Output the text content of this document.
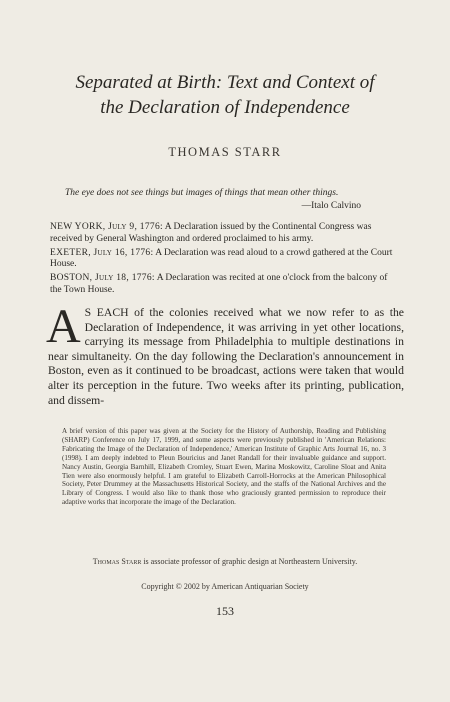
Separated at Birth: Text and Context of
the Declaration of Independence
THOMAS STARR
The eye does not see things but images of things that mean other things.
—Italo Calvino

NEW YORK, July 9, 1776: A Declaration issued by the Continental Congress was received by General Washington and ordered proclaimed to his army.

EXETER, July 16, 1776: A Declaration was read aloud to a crowd gathered at the Court House.

BOSTON, July 18, 1776: A Declaration was recited at one o'clock from the balcony of the Town House.

A S EACH of the colonies received what we now refer to as the Declaration of Independence, it was arriving in yet other locations, carrying its message from Philadelphia to multiple destinations in near simultaneity. On the day following the Declaration's announcement in Boston, even as it continued to be broadcast, actions were taken that would alter its perception in the future. Two weeks after its printing, publication, and dissem-
A brief version of this paper was given at the Society for the History of Authorship, Reading and Publishing (SHARP) Conference on July 17, 1999, and some aspects were previously published in 'American Relations: Fabricating the Image of the Declaration of Independence,' American Institute of Graphic Arts Journal 16, no. 3 (1998). I am deeply indebted to Pleun Bouricius and Janet Randall for their invaluable guidance and support. Nancy Austin, Georgia Barnhill, Elizabeth Cromley, Stuart Ewen, Marina Moskowitz, Caroline Sloat and Anita Tien were also enormously helpful. I am grateful to Elizabeth Carroll-Horrocks at the American Philosophical Society, Peter Drummey at the Massachusetts Historical Society, and the staffs of the National Archives and the Library of Congress. I would also like to thank those who graciously granted permission to reproduce their adaptive works that incorporate the image of the Declaration.
Thomas Starr is associate professor of graphic design at Northeastern University.
Copyright © 2002 by American Antiquarian Society
153
